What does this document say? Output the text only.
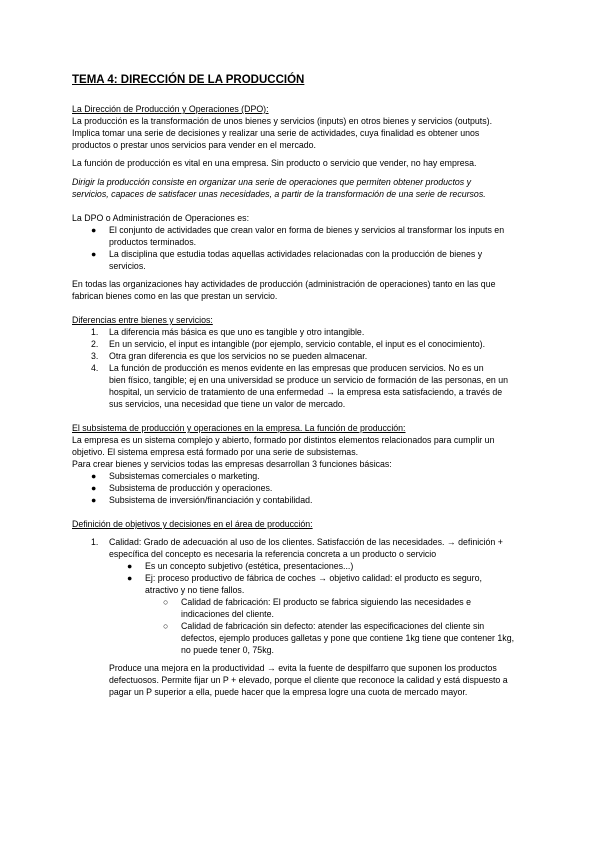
TEMA 4: DIRECCIÓN DE LA PRODUCCIÓN

La Dirección de Producción y Operaciones (DPO):

La producción es la transformación de unos bienes y servicios (inputs) en otros bienes y servicios (outputs).

Implica tomar una serie de decisiones y realizar una serie de actividades, cuya finalidad es obtener unos

productos o prestar unos servicios para vender en el mercado.

La función de producción es vital en una empresa. Sin producto o servicio que vender, no hay empresa.

Dirigir la producción consiste en organizar una serie de operaciones que permiten obtener productos y

servicios, capaces de satisfacer unas necesidades, a partir de la transformación de una serie de recursos.

La DPO o Administración de Operaciones es:

● El conjunto de actividades que crean valor en forma de bienes y servicios al transformar los inputs en

productos terminados.

● La disciplina que estudia todas aquellas actividades relacionadas con la producción de bienes y

servicios.

En todas las organizaciones hay actividades de producción (administración de operaciones) tanto en las que

fabrican bienes como en las que prestan un servicio.

Diferencias entre bienes y servicios:

1. La diferencia más básica es que uno es tangible y otro intangible.

2. En un servicio, el input es intangible (por ejemplo, servicio contable, el input es el conocimiento).

3. Otra gran diferencia es que los servicios no se pueden almacenar.

4. La función de producción es menos evidente en las empresas que producen servicios. No es un

bien físico, tangible; ej en una universidad se produce un servicio de formación de las personas, en un

hospital, un servicio de tratamiento de una enfermedad → la empresa esta satisfaciendo, a través de

sus servicios, una necesidad que tiene un valor de mercado.

El subsistema de producción y operaciones en la empresa. La función de producción:

La empresa es un sistema complejo y abierto, formado por distintos elementos relacionados para cumplir un

objetivo. El sistema empresa está formado por una serie de subsistemas.

Para crear bienes y servicios todas las empresas desarrollan 3 funciones básicas:

● Subsistemas comerciales o marketing.

● Subsistema de producción y operaciones.

● Subsistema de inversión/financiación y contabilidad.

Definición de objetivos y decisiones en el área de producción:

1. Calidad: Grado de adecuación al uso de los clientes. Satisfacción de las necesidades. → definición +

específica del concepto es necesaria la referencia concreta a un producto o servicio

● Es un concepto subjetivo (estética, presentaciones...)

● Ej: proceso productivo de fábrica de coches → objetivo calidad: el producto es seguro,

atractivo y no tiene fallos.

○ Calidad de fabricación: El producto se fabrica siguiendo las necesidades e

indicaciones del cliente.

○ Calidad de fabricación sin defecto: atender las especificaciones del cliente sin

defectos, ejemplo produces galletas y pone que contiene 1kg tiene que contener 1kg,

no puede tener 0, 75kg.

Produce una mejora en la productividad → evita la fuente de despilfarro que suponen los productos

defectuosos. Permite fijar un P + elevado, porque el cliente que reconoce la calidad y está dispuesto a

pagar un P superior a ella, puede hacer que la empresa logre una cuota de mercado mayor.
